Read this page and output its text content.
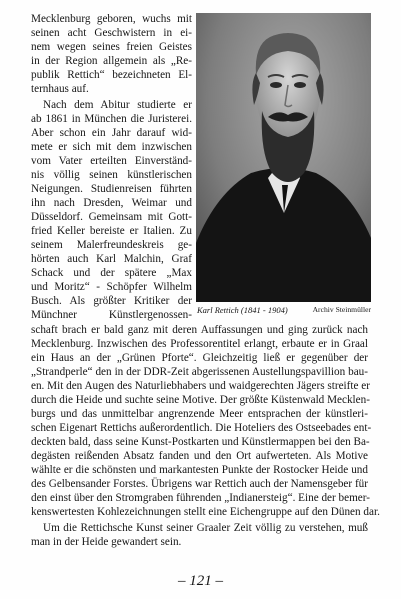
Karl Rettich (1841 - 1904)	Archiv Steinmüller
Mecklenburg geboren, wuchs mit
seinen acht Geschwistern in ei-
nem wegen seines freien Geistes
in der Region allgemein als „Re-
publik Rettich“ bezeichneten El-
ternhaus auf.
Nach dem Abitur studierte er
ab 1861 in München die Juristerei.
Aber schon ein Jahr darauf wid-
mete er sich mit dem inzwischen
vom Vater erteilten Einverständ-
nis völlig seinen künstlerischen
Neigungen. Studienreisen führten
ihn nach Dresden, Weimar und
Düsseldorf. Gemeinsam mit Gott-
fried Keller bereiste er Italien. Zu
seinem Malerfreundeskreis ge-
hörten auch Karl Malchin, Graf
Schack und der spätere „Max
und Moritz“ - Schöpfer Wilhelm
Busch. Als größter Kritiker der
Münchner Künstlergenossen-
schaft brach er bald ganz mit deren Auffassungen und ging zurück nach
Mecklenburg. Inzwischen des Professorentitel erlangt, erbaute er in Graal
ein Haus an der „Grünen Pforte“. Gleichzeitig ließ er gegenüber der
„Strandperle“ den in der DDR-Zeit abgerissenen Austellungspavillion bau-
en. Mit den Augen des Naturliebhabers und waidgerechten Jägers streifte er
durch die Heide und suchte seine Motive. Der größte Küstenwald Mecklen-
burgs und das unmittelbar angrenzende Meer entsprachen der künstleri-
schen Eigenart Rettichs außerordentlich. Die Hoteliers des Ostseebades ent-
deckten bald, dass seine Kunst-Postkarten und Künstlermappen bei den Ba-
degästen reißenden Absatz fanden und den Ort aufwerteten. Als Motive
wählte er die schönsten und markantesten Punkte der Rostocker Heide und
des Gelbensander Forstes. Übrigens war Rettich auch der Namensgeber für
den einst über den Stromgraben führenden „Indianersteig“. Eine der bemer-
kenswertesten Kohlezeichnungen stellt eine Eichengruppe auf den Dünen dar.
Um die Rettichsche Kunst seiner Graaler Zeit völlig zu verstehen, muß
man in der Heide gewandert sein.
– 121 –
